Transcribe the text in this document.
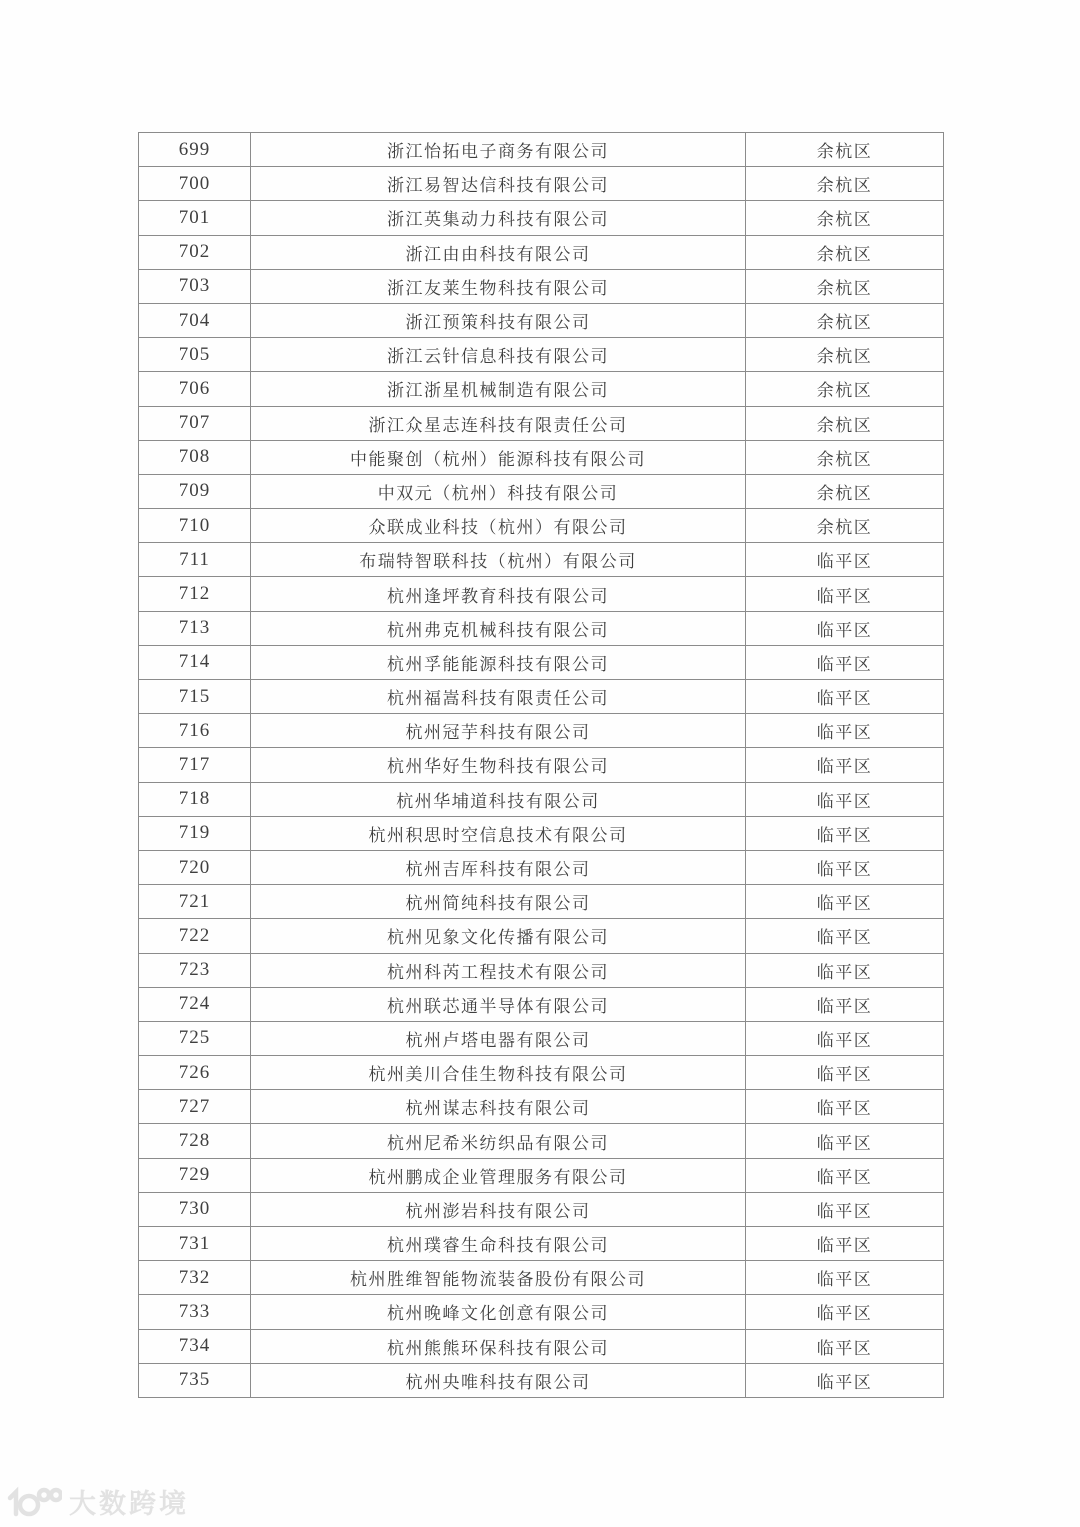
699	浙江怡拓电子商务有限公司	余杭区
700	浙江易智达信科技有限公司	余杭区
701	浙江英集动力科技有限公司	余杭区
702	浙江由由科技有限公司	余杭区
703	浙江友莱生物科技有限公司	余杭区
704	浙江预策科技有限公司	余杭区
705	浙江云针信息科技有限公司	余杭区
706	浙江浙星机械制造有限公司	余杭区
707	浙江众星志连科技有限责任公司	余杭区
708	中能聚创（杭州）能源科技有限公司	余杭区
709	中双元（杭州）科技有限公司	余杭区
710	众联成业科技（杭州）有限公司	余杭区
711	布瑞特智联科技（杭州）有限公司	临平区
712	杭州逢坪教育科技有限公司	临平区
713	杭州弗克机械科技有限公司	临平区
714	杭州孚能能源科技有限公司	临平区
715	杭州福嵩科技有限责任公司	临平区
716	杭州冠芋科技有限公司	临平区
717	杭州华好生物科技有限公司	临平区
718	杭州华埔道科技有限公司	临平区
719	杭州积思时空信息技术有限公司	临平区
720	杭州吉厍科技有限公司	临平区
721	杭州简纯科技有限公司	临平区
722	杭州见象文化传播有限公司	临平区
723	杭州科芮工程技术有限公司	临平区
724	杭州联芯通半导体有限公司	临平区
725	杭州卢塔电器有限公司	临平区
726	杭州美川合佳生物科技有限公司	临平区
727	杭州谋志科技有限公司	临平区
728	杭州尼希米纺织品有限公司	临平区
729	杭州鹏成企业管理服务有限公司	临平区
730	杭州澎岩科技有限公司	临平区
731	杭州璞睿生命科技有限公司	临平区
732	杭州胜维智能物流装备股份有限公司	临平区
733	杭州晚峰文化创意有限公司	临平区
734	杭州熊熊环保科技有限公司	临平区
735	杭州央唯科技有限公司	临平区
大数跨境
